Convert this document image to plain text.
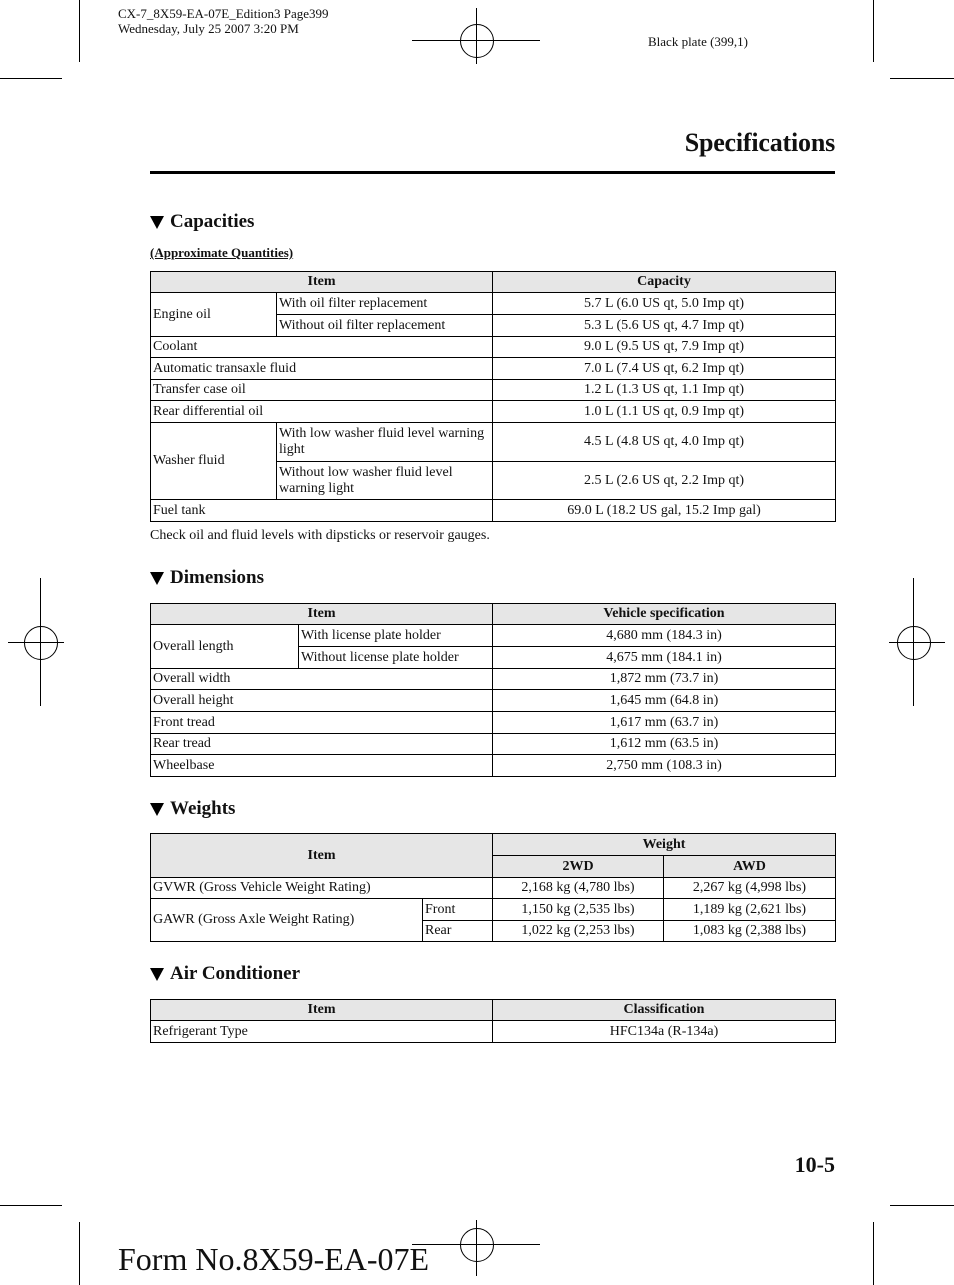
CX-7_8X59-EA-07E_Edition3 Page399
Wednesday, July 25 2007 3:20 PM
Black plate (399,1)
Specifications
Capacities
(Approximate Quantities)
Item		Capacity
Engine oil	With oil filter replacement	5.7 L (6.0 US qt, 5.0 Imp qt)
	Without oil filter replacement	5.3 L (5.6 US qt, 4.7 Imp qt)
Coolant		9.0 L (9.5 US qt, 7.9 Imp qt)
Automatic transaxle fluid		7.0 L (7.4 US qt, 6.2 Imp qt)
Transfer case oil		1.2 L (1.3 US qt, 1.1 Imp qt)
Rear differential oil		1.0 L (1.1 US qt, 0.9 Imp qt)
Washer fluid	With low washer fluid level warning light	4.5 L (4.8 US qt, 4.0 Imp qt)
	Without low washer fluid level warning light	2.5 L (2.6 US qt, 2.2 Imp qt)
Fuel tank		69.0 L (18.2 US gal, 15.2 Imp gal)
Check oil and fluid levels with dipsticks or reservoir gauges.
Dimensions
Item		Vehicle specification
Overall length	With license plate holder	4,680 mm (184.3 in)
	Without license plate holder	4,675 mm (184.1 in)
Overall width		1,872 mm (73.7 in)
Overall height		1,645 mm (64.8 in)
Front tread		1,617 mm (63.7 in)
Rear tread		1,612 mm (63.5 in)
Wheelbase		2,750 mm (108.3 in)
Weights
Item		Weight	
		2WD	AWD
GVWR (Gross Vehicle Weight Rating)		2,168 kg (4,780 lbs)	2,267 kg (4,998 lbs)
GAWR (Gross Axle Weight Rating)	Front	1,150 kg (2,535 lbs)	1,189 kg (2,621 lbs)
	Rear	1,022 kg (2,253 lbs)	1,083 kg (2,388 lbs)
Air Conditioner
Item	Classification
Refrigerant Type	HFC134a (R-134a)
10-5
Form No.8X59-EA-07E
